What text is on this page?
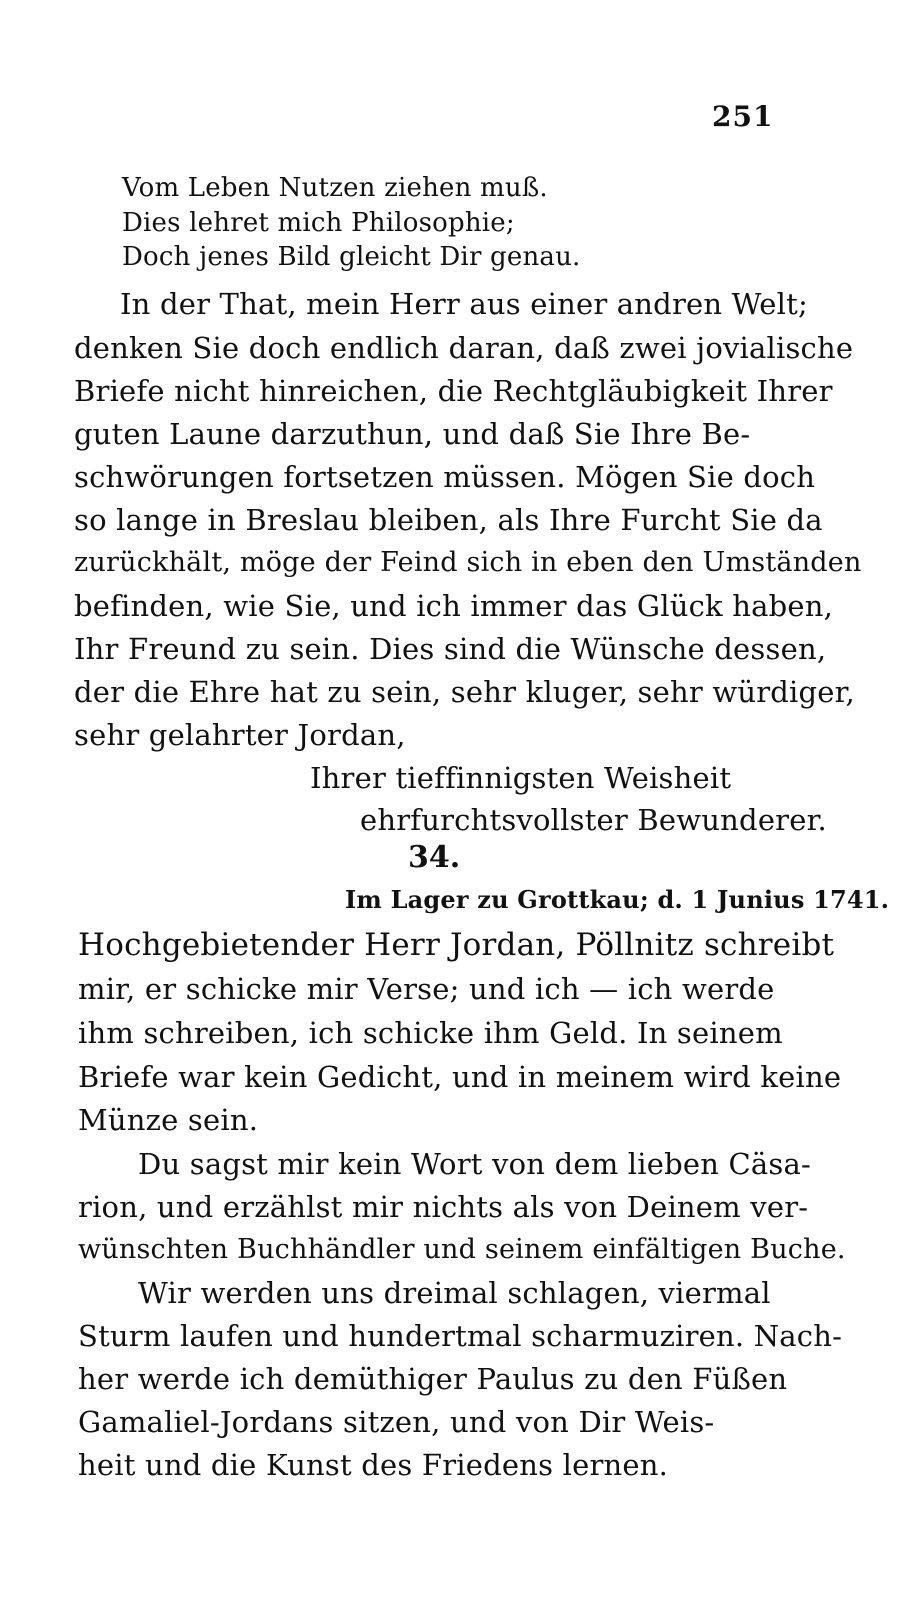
251
Vom Leben Nutzen ziehen muß.
Dies lehret mich Philosophie;
Doch jenes Bild gleicht Dir genau.
In der That, mein Herr aus einer andren Welt;
denken Sie doch endlich daran, daß zwei jovialische
Briefe nicht hinreichen, die Rechtgläubigkeit Ihrer
guten Laune darzuthun, und daß Sie Ihre Be-
schwörungen fortsetzen müssen. Mögen Sie doch
so lange in Breslau bleiben, als Ihre Furcht Sie da
zurückhält, möge der Feind sich in eben den Umständen
befinden, wie Sie, und ich immer das Glück haben,
Ihr Freund zu sein. Dies sind die Wünsche dessen,
der die Ehre hat zu sein, sehr kluger, sehr würdiger,
sehr gelahrter Jordan,
Ihrer tieffinnigsten Weisheit
ehrfurchtsvollster Bewunderer.
34.
Im Lager zu Grottkau; d. 1 Junius 1741.
Hochgebietender Herr Jordan, Pöllnitz schreibt
mir, er schicke mir Verse; und ich — ich werde
ihm schreiben, ich schicke ihm Geld. In seinem
Briefe war kein Gedicht, und in meinem wird keine
Münze sein.
Du sagst mir kein Wort von dem lieben Cäsa-
rion, und erzählst mir nichts als von Deinem ver-
wünschten Buchhändler und seinem einfältigen Buche.
Wir werden uns dreimal schlagen, viermal
Sturm laufen und hundertmal scharmuziren. Nach-
her werde ich demüthiger Paulus zu den Füßen
Gamaliel-Jordans sitzen, und von Dir Weis-
heit und die Kunst des Friedens lernen.
